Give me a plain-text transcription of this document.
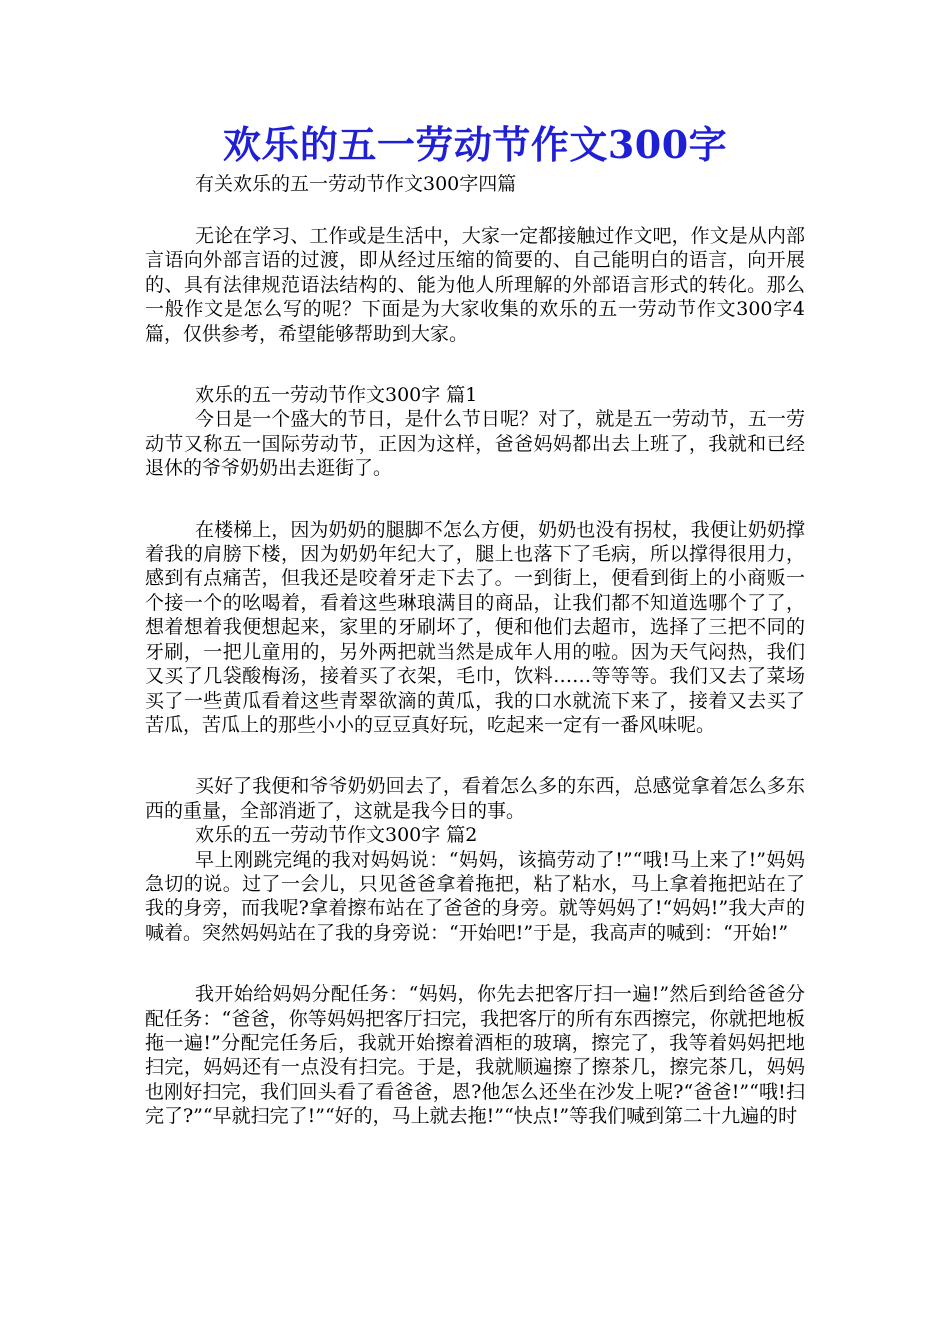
欢乐的五一劳动节作文300字

有关欢乐的五一劳动节作文300字四篇

无论在学习、工作或是生活中，大家一定都接触过作文吧，作文是从内部言语向外部言语的过渡，即从经过压缩的简要的、自己能明白的语言，向开展的、具有法律规范语法结构的、能为他人所理解的外部语言形式的转化。那么一般作文是怎么写的呢？下面是为大家收集的欢乐的五一劳动节作文300字4篇，仅供参考，希望能够帮助到大家。

欢乐的五一劳动节作文300字 篇1

今日是一个盛大的节日，是什么节日呢？对了，就是五一劳动节，五一劳动节又称五一国际劳动节，正因为这样，爸爸妈妈都出去上班了，我就和已经退休的爷爷奶奶出去逛街了。

在楼梯上，因为奶奶的腿脚不怎么方便，奶奶也没有拐杖，我便让奶奶撑着我的肩膀下楼，因为奶奶年纪大了，腿上也落下了毛病，所以撑得很用力，感到有点痛苦，但我还是咬着牙走下去了。一到街上，便看到街上的小商贩一个接一个的吆喝着，看着这些琳琅满目的商品，让我们都不知道选哪个了了，想着想着我便想起来，家里的牙刷坏了，便和他们去超市，选择了三把不同的牙刷，一把儿童用的，另外两把就当然是成年人用的啦。因为天气闷热，我们又买了几袋酸梅汤，接着买了衣架，毛巾，饮料……等等等。我们又去了菜场买了一些黄瓜看着这些青翠欲滴的黄瓜，我的口水就流下来了，接着又去买了苦瓜，苦瓜上的那些小小的豆豆真好玩，吃起来一定有一番风味呢。

买好了我便和爷爷奶奶回去了，看着怎么多的东西，总感觉拿着怎么多东西的重量，全部消逝了，这就是我今日的事。

欢乐的五一劳动节作文300字 篇2

早上刚跳完绳的我对妈妈说：“妈妈，该搞劳动了!”“哦!马上来了!”妈妈急切的说。过了一会儿，只见爸爸拿着拖把，粘了粘水，马上拿着拖把站在了我的身旁，而我呢?拿着擦布站在了爸爸的身旁。就等妈妈了!“妈妈!”我大声的喊着。突然妈妈站在了我的身旁说：“开始吧!”于是，我高声的喊到：“开始!”

我开始给妈妈分配任务：“妈妈，你先去把客厅扫一遍!”然后到给爸爸分配任务：“爸爸，你等妈妈把客厅扫完，我把客厅的所有东西擦完，你就把地板拖一遍!”分配完任务后，我就开始擦着酒柜的玻璃，擦完了，我等着妈妈把地扫完，妈妈还有一点没有扫完。于是，我就顺遍擦了擦茶几，擦完茶几，妈妈也刚好扫完，我们回头看了看爸爸，恩?他怎么还坐在沙发上呢?“爸爸!”“哦!扫完了?”“早就扫完了!”“好的，马上就去拖!”“快点!”等我们喊到第二十九遍的时
